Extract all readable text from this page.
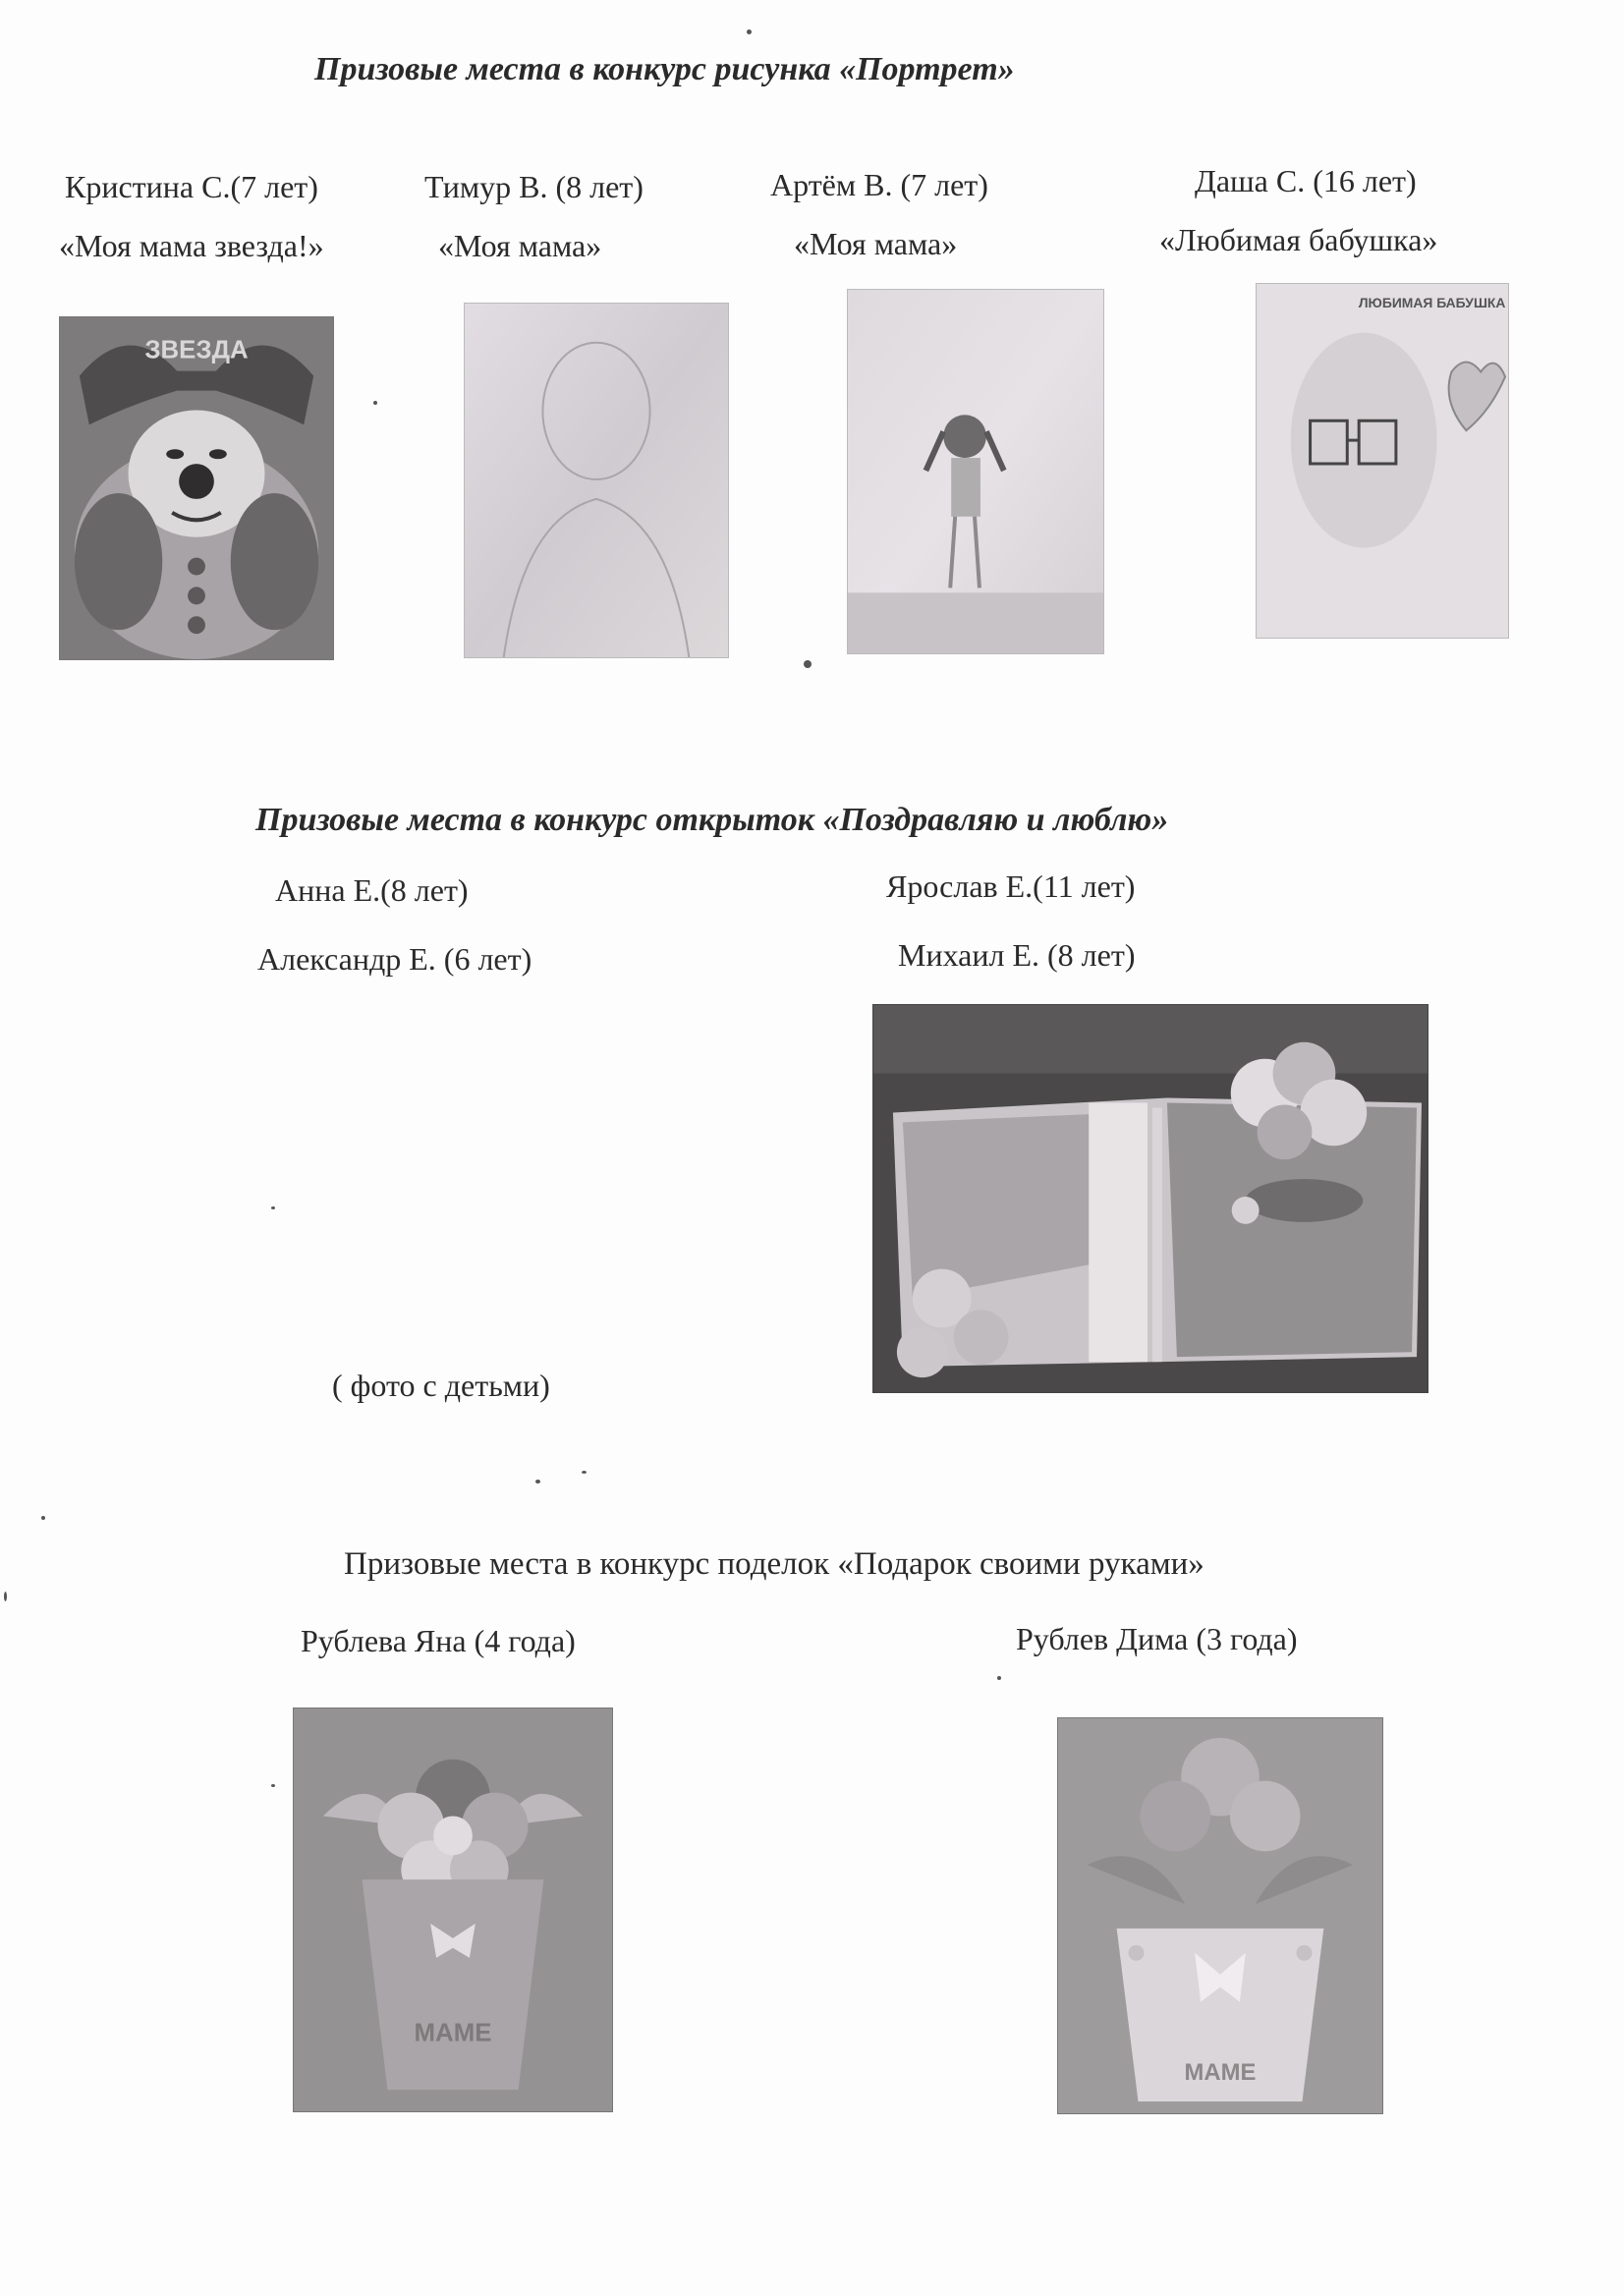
Призовые места в конкурс рисунка «Портрет»
Кристина С.(7 лет)
«Моя мама звезда!»
Тимур В. (8 лет)
«Моя мама»
Артём В. (7 лет)
«Моя мама»
Даша С. (16 лет)
«Любимая бабушка»
ЗВЕЗДА
ЛЮБИМАЯ БАБУШКА
Призовые места в конкурс открыток «Поздравляю и люблю»
Анна Е.(8 лет)	Ярослав Е.(11 лет)
Александр Е. (6 лет)	Михаил Е. (8 лет)
( фото с детьми)
Призовые места в конкурс поделок «Подарок своими руками»
Рублева Яна (4 года)	Рублев Дима (3 года)
МАМЕ
МАМЕ
